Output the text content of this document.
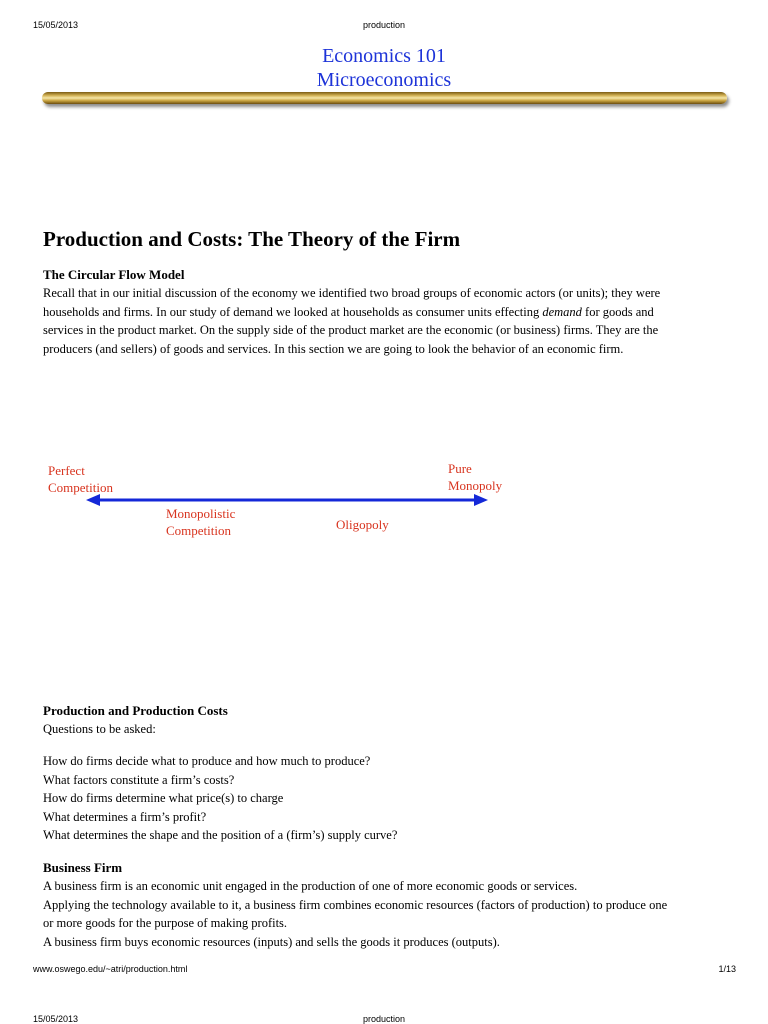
15/05/2013	production
Economics 101
Microeconomics
Production and Costs: The Theory of the Firm
The Circular Flow Model
Recall that in our initial discussion of the economy we identified two broad groups of economic actors (or units); they were
households and firms. In our study of demand we looked at households as consumer units effecting demand for goods and
services in the product market. On the supply side of the product market are the economic (or business) firms. They are the
producers (and sellers) of goods and services. In this section we are going to look the behavior of an economic firm.
Perfect
Competition
Pure
Monopoly
Monopolistic
Competition	Oligopoly
Production and Production Costs
Questions to be asked:
How do firms decide what to produce and how much to produce?
What factors constitute a firm’s costs?
How do firms determine what price(s) to charge
What determines a firm’s profit?
What determines the shape and the position of a (firm’s) supply curve?
Business Firm
A business firm is an economic unit engaged in the production of one of more economic goods or services.
Applying the technology available to it, a business firm combines economic resources (factors of production) to produce one
or more goods for the purpose of making profits.
A business firm buys economic resources (inputs) and sells the goods it produces (outputs).
www.oswego.edu/~atri/production.html	1/13
15/05/2013	production
